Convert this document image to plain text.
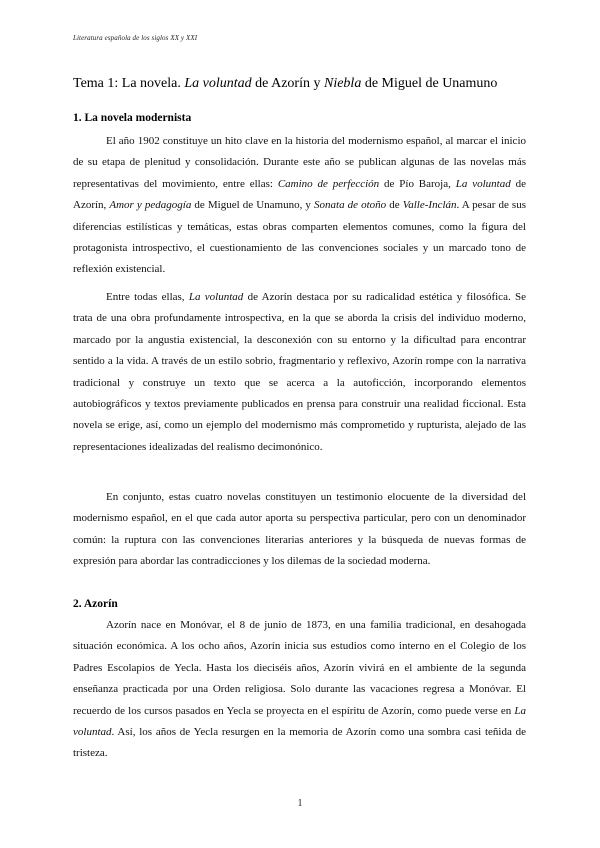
Literatura española de los siglos XX y XXI
Tema 1: La novela. La voluntad de Azorín y Niebla de Miguel de Unamuno
1. La novela modernista

El año 1902 constituye un hito clave en la historia del modernismo español, al marcar el inicio de su etapa de plenitud y consolidación. Durante este año se publican algunas de las novelas más representativas del movimiento, entre ellas: Camino de perfección de Pío Baroja, La voluntad de Azorín, Amor y pedagogía de Miguel de Unamuno, y Sonata de otoño de Valle-Inclán. A pesar de sus diferencias estilísticas y temáticas, estas obras comparten elementos comunes, como la figura del protagonista introspectivo, el cuestionamiento de las convenciones sociales y un marcado tono de reflexión existencial.

Entre todas ellas, La voluntad de Azorín destaca por su radicalidad estética y filosófica. Se trata de una obra profundamente introspectiva, en la que se aborda la crisis del individuo moderno, marcado por la angustia existencial, la desconexión con su entorno y la dificultad para encontrar sentido a la vida. A través de un estilo sobrio, fragmentario y reflexivo, Azorín rompe con la narrativa tradicional y construye un texto que se acerca a la autoficción, incorporando elementos autobiográficos y textos previamente publicados en prensa para construir una realidad ficcional. Esta novela se erige, así, como un ejemplo del modernismo más comprometido y rupturista, alejado de las representaciones idealizadas del realismo decimonónico.

En conjunto, estas cuatro novelas constituyen un testimonio elocuente de la diversidad del modernismo español, en el que cada autor aporta su perspectiva particular, pero con un denominador común: la ruptura con las convenciones literarias anteriores y la búsqueda de nuevas formas de expresión para abordar las contradicciones y los dilemas de la sociedad moderna.

2. Azorín

Azorín nace en Monóvar, el 8 de junio de 1873, en una familia tradicional, en desahogada situación económica. A los ocho años, Azorín inicia sus estudios como interno en el Colegio de los Padres Escolapios de Yecla. Hasta los dieciséis años, Azorín vivirá en el ambiente de la segunda enseñanza practicada por una Orden religiosa. Solo durante las vacaciones regresa a Monóvar. El recuerdo de los cursos pasados en Yecla se proyecta en el espíritu de Azorín, como puede verse en La voluntad. Así, los años de Yecla resurgen en la memoria de Azorín como una sombra casi teñida de tristeza.

1
